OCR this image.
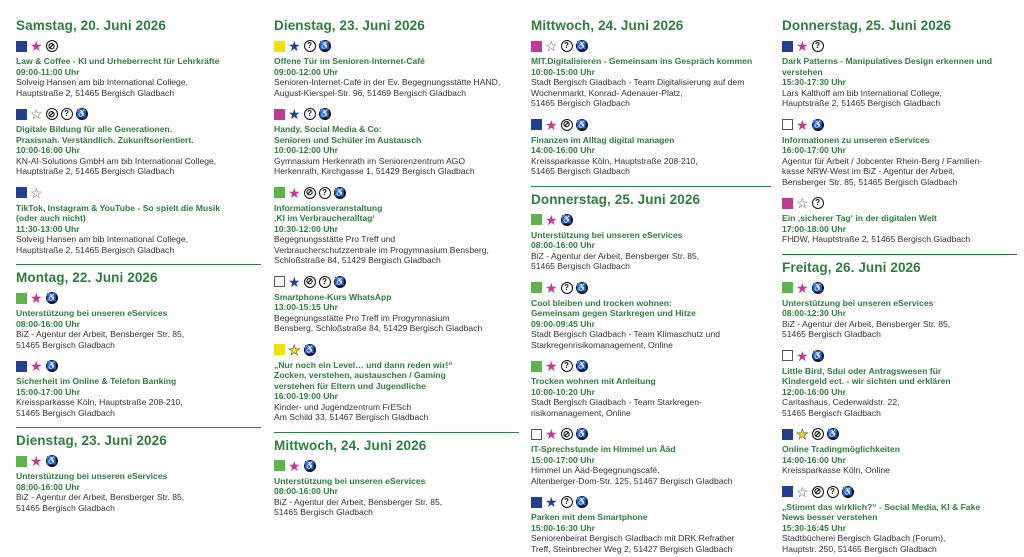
Samstag, 20. Juni 2026
★ ⊘
Law & Coffee - KI und Urheberrecht für Lehrkräfte
09:00-11:00 Uhr
Solveig Hansen am bib International College,
Hauptstraße 2, 51465 Bergisch Gladbach
☆ ⊘	? ♿
Digitale Bildung für alle Generationen.
Praxisnah. Verständlich. Zukunftsorientiert.
10:00-16:00 Uhr
KN-AI-Solutions GmbH am bib International College,
Hauptstraße 2, 51465 Bergisch Gladbach
☆
TikTok, Instagram & YouTube - So spielt die Musik
(oder auch nicht)
11:30-13:00 Uhr
Solveig Hansen am bib International College,
Hauptstraße 2, 51465 Bergisch Gladbach
Montag, 22. Juni 2026
★ ♿
Unterstützung bei unseren eServices
08:00-16:00 Uhr
BiZ - Agentur der Arbeit, Bensberger Str. 85,
51465 Bergisch Gladbach
★ ♿
Sicherheit im Online & Telefon Banking
15:00-17:00 Uhr
Kreissparkasse Köln, Hauptstraße 208-210,
51465 Bergisch Gladbach
Dienstag, 23. Juni 2026
★ ♿
Unterstützung bei unseren eServices
08:00-16:00 Uhr
BiZ - Agentur der Arbeit, Bensberger Str. 85,
51465 Bergisch Gladbach
Dienstag, 23. Juni 2026
★ ? ♿
Offene Tür im Senioren-Internet-Café
09:00-12:00 Uhr
Senioren-Internet-Café in der Ev. Begegnungsstätte HAND,
August-Kierspel-Str. 96, 51469 Bergisch Gladbach
★ ? ♿
Handy, Social Media & Co:
Senioren und Schüler im Austausch
10:00-12:00 Uhr
Gymnasium Herkenrath im Seniorenzentrum AGO
Herkenrath, Kirchgasse 1, 51429 Bergisch Gladbach
★ ⊘	? ♿
Informationsveranstaltung
‚KI im Verbraucheralltag‘
10:30-12:00 Uhr
Begegnungsstätte Pro Treff und
Verbraucherschutzzentrale im Progymnasium Bensberg,
Schloßstraße 84, 51429 Bergisch Gladbach
★ ⊘	? ♿
Smartphone-Kurs WhatsApp
13:00-15:15 Uhr
Begegnungsstätte Pro Treff im Progymnasium
Bensberg, Schloßstraße 84, 51429 Bergisch Gladbach
★ ♿
„Nur noch ein Level… und dann reden wir!“
Zocken, verstehen, austauschen / Gaming
verstehen für Eltern und Jugendliche
16:00-19:00 Uhr
Kinder- und Jugendzentrum FrESch
Am Schild 33, 51467 Bergisch Gladbach
Mittwoch, 24. Juni 2026
★ ♿
Unterstützung bei unseren eServices
08:00-16:00 Uhr
BiZ - Agentur der Arbeit, Bensberger Str. 85,
51465 Bergisch Gladbach
Mittwoch, 24. Juni 2026
☆ ? ♿
MIT.Digitalisieren - Gemeinsam ins Gespräch kommen
10:00-15:00 Uhr
Stadt Bergisch Gladbach - Team Digitalisierung auf dem
Wochenmarkt, Konrad- Adenauer-Platz,
51465 Bergisch Gladbach
★ ⊘ ♿
Finanzen im Alltag digital managen
14:00-16:00 Uhr
Kreissparkasse Köln, Hauptstraße 208-210,
51465 Bergisch Gladbach
Donnerstag, 25. Juni 2026
★ ♿
Unterstützung bei unseren eServices
08:00-16:00 Uhr
BiZ - Agentur der Arbeit, Bensberger Str. 85,
51465 Bergisch Gladbach
★ ? ♿
Cool bleiben und trocken wohnen:
Gemeinsam gegen Starkregen und Hitze
09:00-09:45 Uhr
Stadt Bergisch Gladbach - Team Klimaschutz und
Starkregenrisikomanagement, Online
★ ? ♿
Trocken wohnen mit Anleitung
10:00-10:20 Uhr
Stadt Bergisch Gladbach - Team Starkregen-
risikomanagement, Online
★ ⊘ ♿
IT-Sprechstunde im Himmel un Ääd
15:00-17:00 Uhr
Himmel un Ääd-Begegnungscafé,
Altenberger-Dom-Str. 125, 51467 Bergisch Gladbach
★ ? ♿
Parken mit dem Smartphone
15:00-16:30 Uhr
Seniorenbeirat Bergisch Gladbach mit DRK Refrather
Treff, Steinbrecher Weg 2, 51427 Bergisch Gladbach
Donnerstag, 25. Juni 2026
★ ?
Dark Patterns - Manipulatives Design erkennen und
verstehen
15:30-17:30 Uhr
Lars Kalthoff am bib International College,
Hauptstraße 2, 51465 Bergisch Gladbach
★ ♿
Informationen zu unseren eServices
16:00-17:00 Uhr
Agentur für Arbeit / Jobcenter Rhein-Berg / Familien-
kasse NRW-West im BiZ - Agentur der Arbeit,
Bensberger Str. 85, 51465 Bergisch Gladbach
☆ ?
Ein ‚sicherer Tag‘ in der digitalen Welt
17:00-18:00 Uhr
FHDW, Hauptstraße 2, 51465 Bergisch Gladbach
Freitag, 26. Juni 2026
★ ♿
Unterstützung bei unseren eServices
08:00-12:30 Uhr
BiZ - Agentur der Arbeit, Bensberger Str. 85,
51465 Bergisch Gladbach
★ ♿
Little Bird, Sdui oder Antragswesen für
Kindergeld ect. - wir sichten und erklären
12:00-16:00 Uhr
Caritashaus, Cederwaldstr. 22,
51465 Bergisch Gladbach
★ ⊘ ♿
Online Tradingmöglichkeiten
14:00-16:00 Uhr
Kreissparkasse Köln, Online
☆ ⊘	? ♿
„Stimmt das wirklich?“ - Social Media, KI & Fake
News besser verstehen
15:30-16:45 Uhr
Stadtbücherei Bergisch Gladbach (Forum),
Hauptstr. 250, 51465 Bergisch Gladbach
